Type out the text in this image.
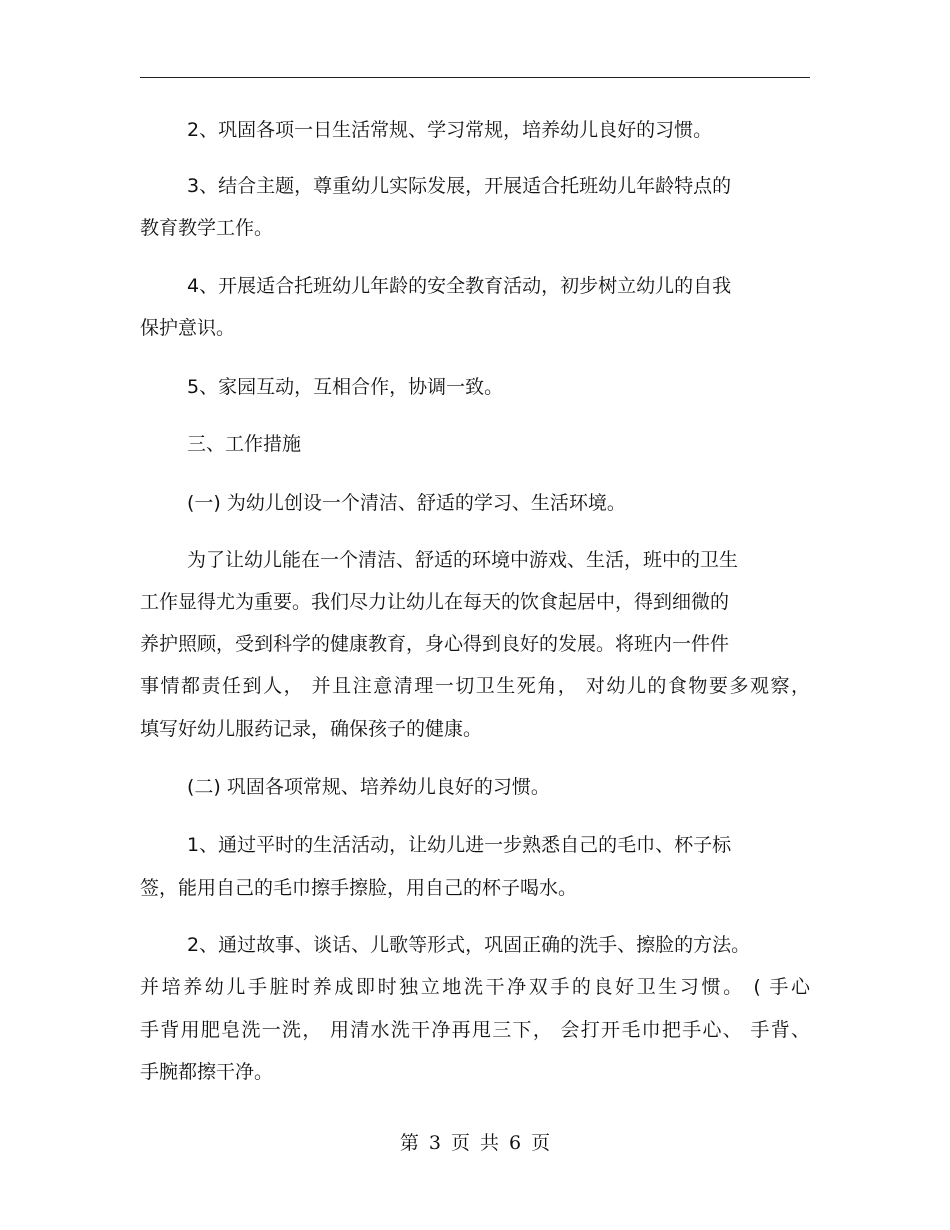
2、巩固各项一日生活常规、学习常规，培养幼儿良好的习惯。
3、结合主题，尊重幼儿实际发展，开展适合托班幼儿年龄特点的
教育教学工作。
4、开展适合托班幼儿年龄的安全教育活动，初步树立幼儿的自我
保护意识。
5、家园互动，互相合作，协调一致。
三、工作措施
(一) 为幼儿创设一个清洁、舒适的学习、生活环境。
为了让幼儿能在一个清洁、舒适的环境中游戏、生活，班中的卫生
工作显得尤为重要。我们尽力让幼儿在每天的饮食起居中，得到细微的
养护照顾，受到科学的健康教育，身心得到良好的发展。将班内一件件
事情都责任到人， 并且注意清理一切卫生死角， 对幼儿的食物要多观察，
填写好幼儿服药记录，确保孩子的健康。
(二) 巩固各项常规、培养幼儿良好的习惯。
1、通过平时的生活活动，让幼儿进一步熟悉自己的毛巾、杯子标
签，能用自己的毛巾擦手擦脸，用自己的杯子喝水。
2、通过故事、谈话、儿歌等形式，巩固正确的洗手、擦脸的方法。
并培养幼儿手脏时养成即时独立地洗干净双手的良好卫生习惯。 ( 手心
手背用肥皂洗一洗， 用清水洗干净再甩三下， 会打开毛巾把手心、 手背、
手腕都擦干净。
第 3 页 共 6 页
